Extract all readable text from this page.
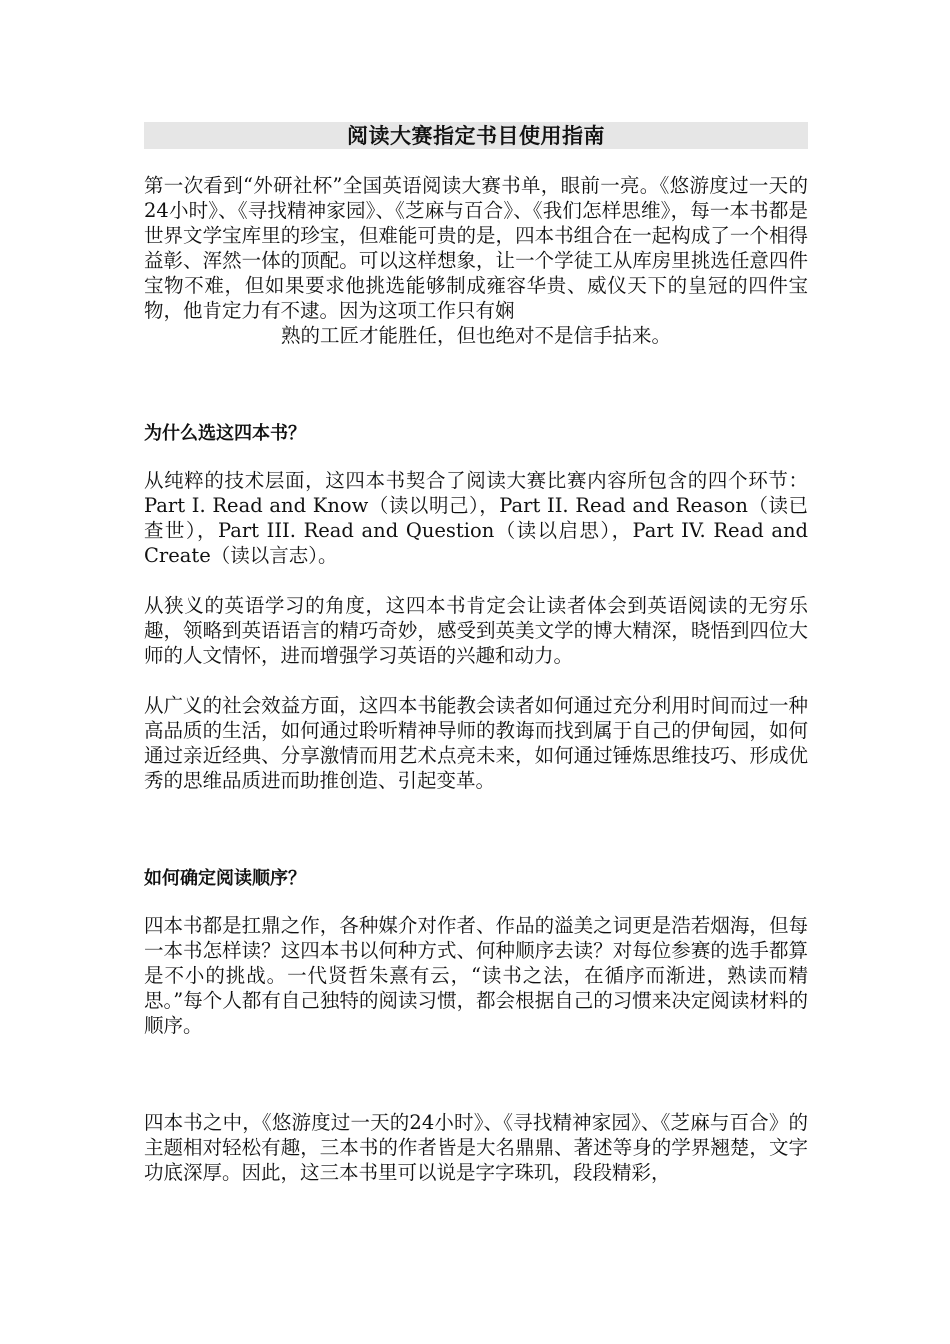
阅读大赛指定书目使用指南

第一次看到“外研社杯”全国英语阅读大赛书单，眼前一亮。《悠游度过一天的24小时》、《寻找精神家园》、《芝麻与百合》、《我们怎样思维》，每一本书都是世界文学宝库里的珍宝，但难能可贵的是，四本书组合在一起构成了一个相得益彰、浑然一体的顶配。可以这样想象，让一个学徒工从库房里挑选任意四件宝物不难，但如果要求他挑选能够制成雍容华贵、威仪天下的皇冠的四件宝物，他肯定力有不逮。因为这项工作只有娴

熟的工匠才能胜任，但也绝对不是信手拈来。

为什么选这四本书？

从纯粹的技术层面，这四本书契合了阅读大赛比赛内容所包含的四个环节：Part I. Read and Know（读以明己），Part II. Read and Reason（读已查世），Part III. Read and Question（读以启思），Part IV. Read and Create（读以言志）。

从狭义的英语学习的角度，这四本书肯定会让读者体会到英语阅读的无穷乐趣，领略到英语语言的精巧奇妙，感受到英美文学的博大精深，晓悟到四位大师的人文情怀，进而增强学习英语的兴趣和动力。

从广义的社会效益方面，这四本书能教会读者如何通过充分利用时间而过一种高品质的生活，如何通过聆听精神导师的教诲而找到属于自己的伊甸园，如何通过亲近经典、分享激情而用艺术点亮未来，如何通过锤炼思维技巧、形成优秀的思维品质进而助推创造、引起变革。

如何确定阅读顺序？

四本书都是扛鼎之作，各种媒介对作者、作品的溢美之词更是浩若烟海，但每一本书怎样读？这四本书以何种方式、何种顺序去读？对每位参赛的选手都算是不小的挑战。一代贤哲朱熹有云，“读书之法，在循序而渐进，熟读而精思。”每个人都有自己独特的阅读习惯，都会根据自己的习惯来决定阅读材料的顺序。

四本书之中，《悠游度过一天的24小时》、《寻找精神家园》、《芝麻与百合》的主题相对轻松有趣，三本书的作者皆是大名鼎鼎、著述等身的学界翘楚，文字功底深厚。因此，这三本书里可以说是字字珠玑，段段精彩，
